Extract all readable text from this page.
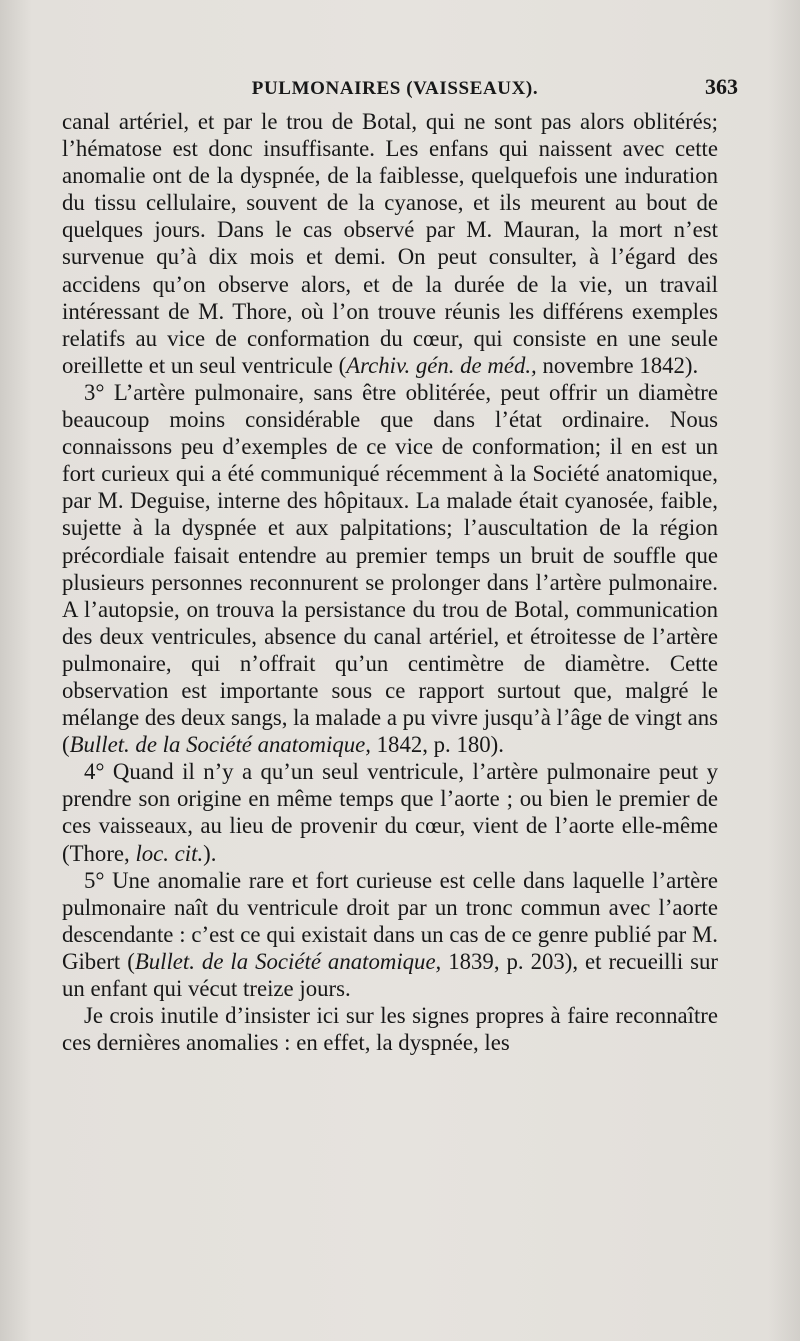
PULMONAIRES (VAISSEAUX).	363

canal artériel, et par le trou de Botal, qui ne sont pas alors oblitérés; l’hématose est donc insuffisante. Les enfans qui naissent avec cette anomalie ont de la dyspnée, de la faiblesse, quelquefois une induration du tissu cellulaire, souvent de la cyanose, et ils meurent au bout de quelques jours. Dans le cas observé par M. Mauran, la mort n’est survenue qu’à dix mois et demi. On peut consulter, à l’égard des accidens qu’on observe alors, et de la durée de la vie, un travail intéressant de M. Thore, où l’on trouve réunis les différens exemples relatifs au vice de conformation du cœur, qui consiste en une seule oreillette et un seul ventricule (Archiv. gén. de méd., novembre 1842).

3° L’artère pulmonaire, sans être oblitérée, peut offrir un diamètre beaucoup moins considérable que dans l’état ordinaire. Nous connaissons peu d’exemples de ce vice de conformation; il en est un fort curieux qui a été communiqué récemment à la Société anatomique, par M. Deguise, interne des hôpitaux. La malade était cyanosée, faible, sujette à la dyspnée et aux palpitations; l’auscultation de la région précordiale faisait entendre au premier temps un bruit de souffle que plusieurs personnes reconnurent se prolonger dans l’artère pulmonaire. A l’autopsie, on trouva la persistance du trou de Botal, communication des deux ventricules, absence du canal artériel, et étroitesse de l’artère pulmonaire, qui n’offrait qu’un centimètre de diamètre. Cette observation est importante sous ce rapport surtout que, malgré le mélange des deux sangs, la malade a pu vivre jusqu’à l’âge de vingt ans (Bullet. de la Société anatomique, 1842, p. 180).

4° Quand il n’y a qu’un seul ventricule, l’artère pulmonaire peut y prendre son origine en même temps que l’aorte ; ou bien le premier de ces vaisseaux, au lieu de provenir du cœur, vient de l’aorte elle-même (Thore, loc. cit.).

5° Une anomalie rare et fort curieuse est celle dans laquelle l’artère pulmonaire naît du ventricule droit par un tronc commun avec l’aorte descendante : c’est ce qui existait dans un cas de ce genre publié par M. Gibert (Bullet. de la Société anatomique, 1839, p. 203), et recueilli sur un enfant qui vécut treize jours.

Je crois inutile d’insister ici sur les signes propres à faire reconnaître ces dernières anomalies : en effet, la dyspnée, les
